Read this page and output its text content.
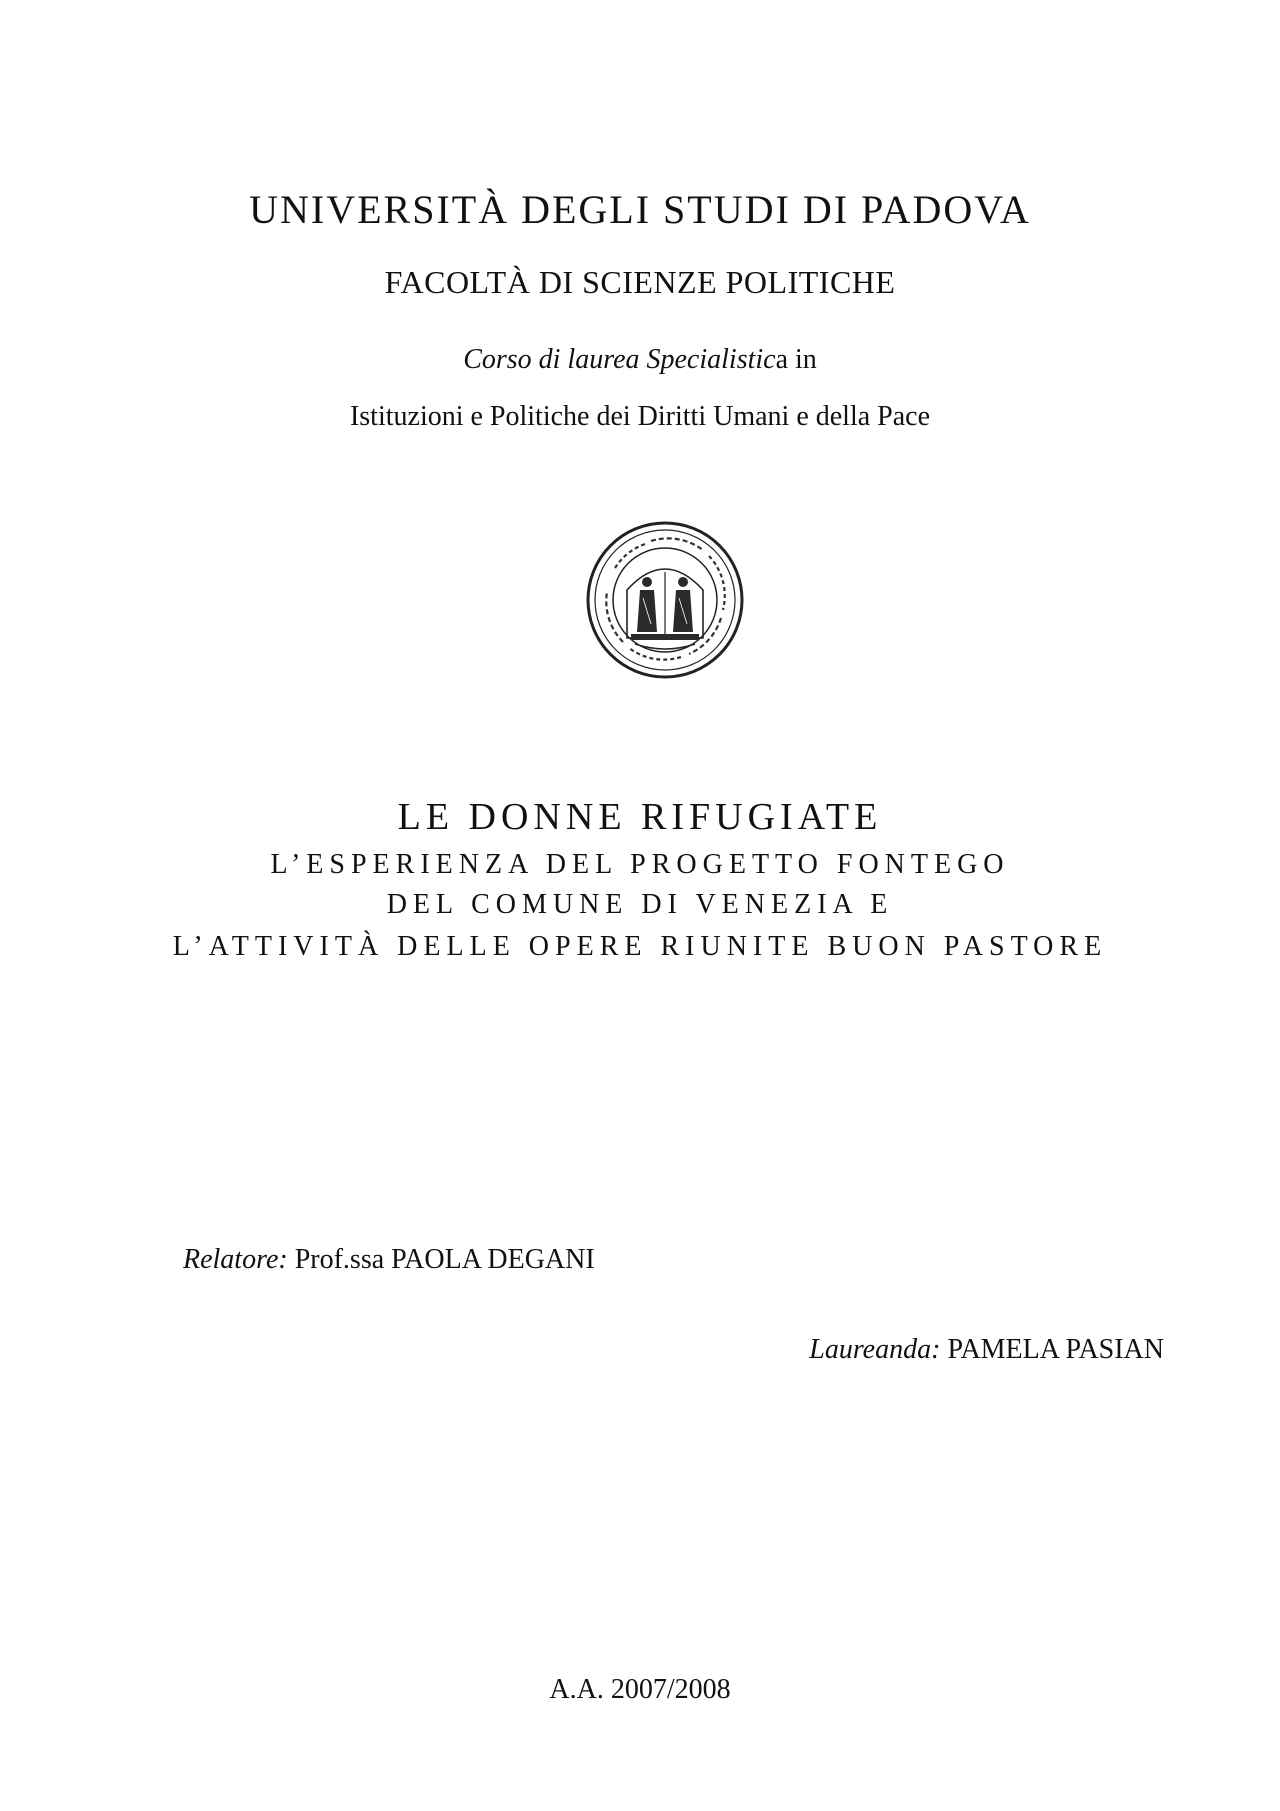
UNIVERSITÀ DEGLI STUDI DI PADOVA
FACOLTÀ DI SCIENZE POLITICHE
Corso di laurea Specialistica in
Istituzioni e Politiche dei Diritti Umani e della Pace
LE DONNE RIFUGIATE
L’ESPERIENZA DEL PROGETTO FONTEGO
DEL COMUNE DI VENEZIA E
L’ATTIVITÀ DELLE OPERE RIUNITE BUON PASTORE
Relatore: Prof.ssa PAOLA DEGANI
Laureanda: PAMELA PASIAN
A.A. 2007/2008
